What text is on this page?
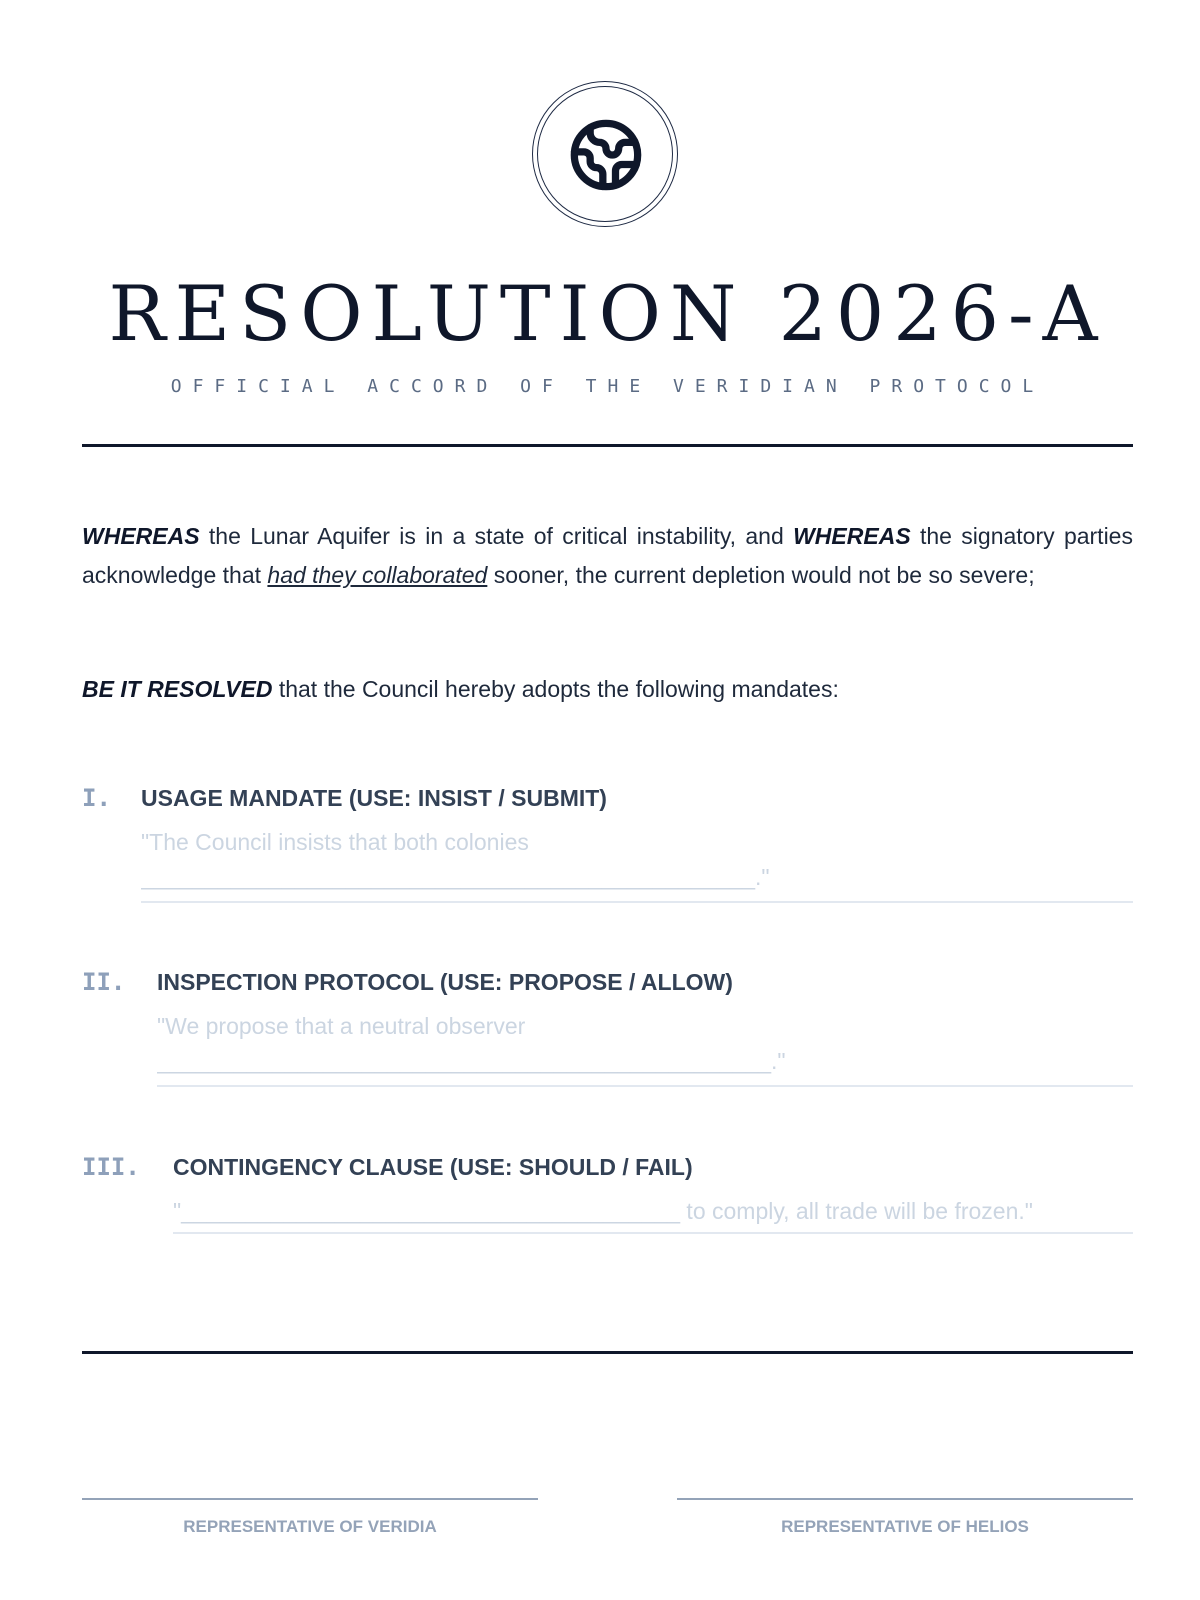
RESOLUTION 2026-A
OFFICIAL ACCORD OF THE VERIDIAN PROTOCOL

WHEREAS the Lunar Aquifer is in a state of critical instability, and WHEREAS the signatory parties acknowledge that had they collaborated sooner, the current depletion would not be so severe;

BE IT RESOLVED that the Council hereby adopts the following mandates:

I. USAGE MANDATE (USE: INSIST / SUBMIT)
"The Council insists that both colonies ________________________________________________."
II. INSPECTION PROTOCOL (USE: PROPOSE / ALLOW)
"We propose that a neutral observer ________________________________________________."
III. CONTINGENCY CLAUSE (USE: SHOULD / FAIL)
"_______________________________________ to comply, all trade will be frozen."
REPRESENTATIVE OF VERIDIA	REPRESENTATIVE OF HELIOS
